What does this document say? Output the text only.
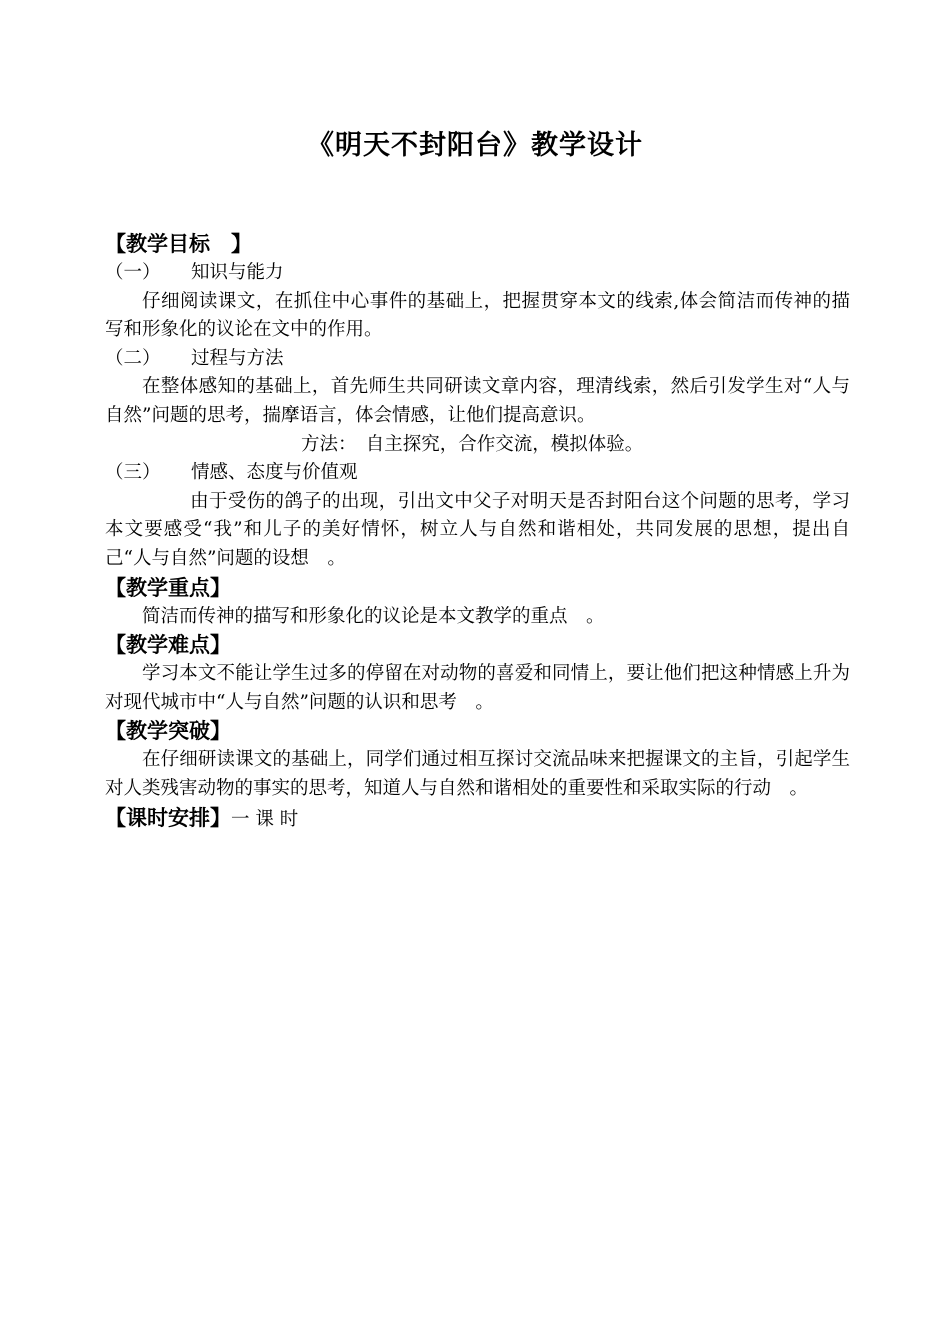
《明天不封阳台》教学设计
【教学目标　】
（一） 知识与能力
仔细阅读课文，在抓住中心事件的基础上，把握贯穿本文的线索,体会简洁而传神的描写和形象化的议论在文中的作用。
（二） 过程与方法
在整体感知的基础上，首先师生共同研读文章内容，理清线索，然后引发学生对“人与自然”问题的思考，揣摩语言，体会情感，让他们提高意识。
方法：　自主探究，合作交流，模拟体验。
（三） 情感、态度与价值观
由于受伤的鸽子的出现，引出文中父子对明天是否封阳台这个问题的思考，学习本文要感受“我”和儿子的美好情怀，树立人与自然和谐相处，共同发展的思想，提出自己“人与自然”问题的设想　。
【教学重点】
简洁而传神的描写和形象化的议论是本文教学的重点　。
【教学难点】
学习本文不能让学生过多的停留在对动物的喜爱和同情上，要让他们把这种情感上升为对现代城市中“人与自然”问题的认识和思考　。
【教学突破】
在仔细研读课文的基础上，同学们通过相互探讨交流品味来把握课文的主旨，引起学生对人类残害动物的事实的思考，知道人与自然和谐相处的重要性和采取实际的行动　。
【课时安排】一 课 时
